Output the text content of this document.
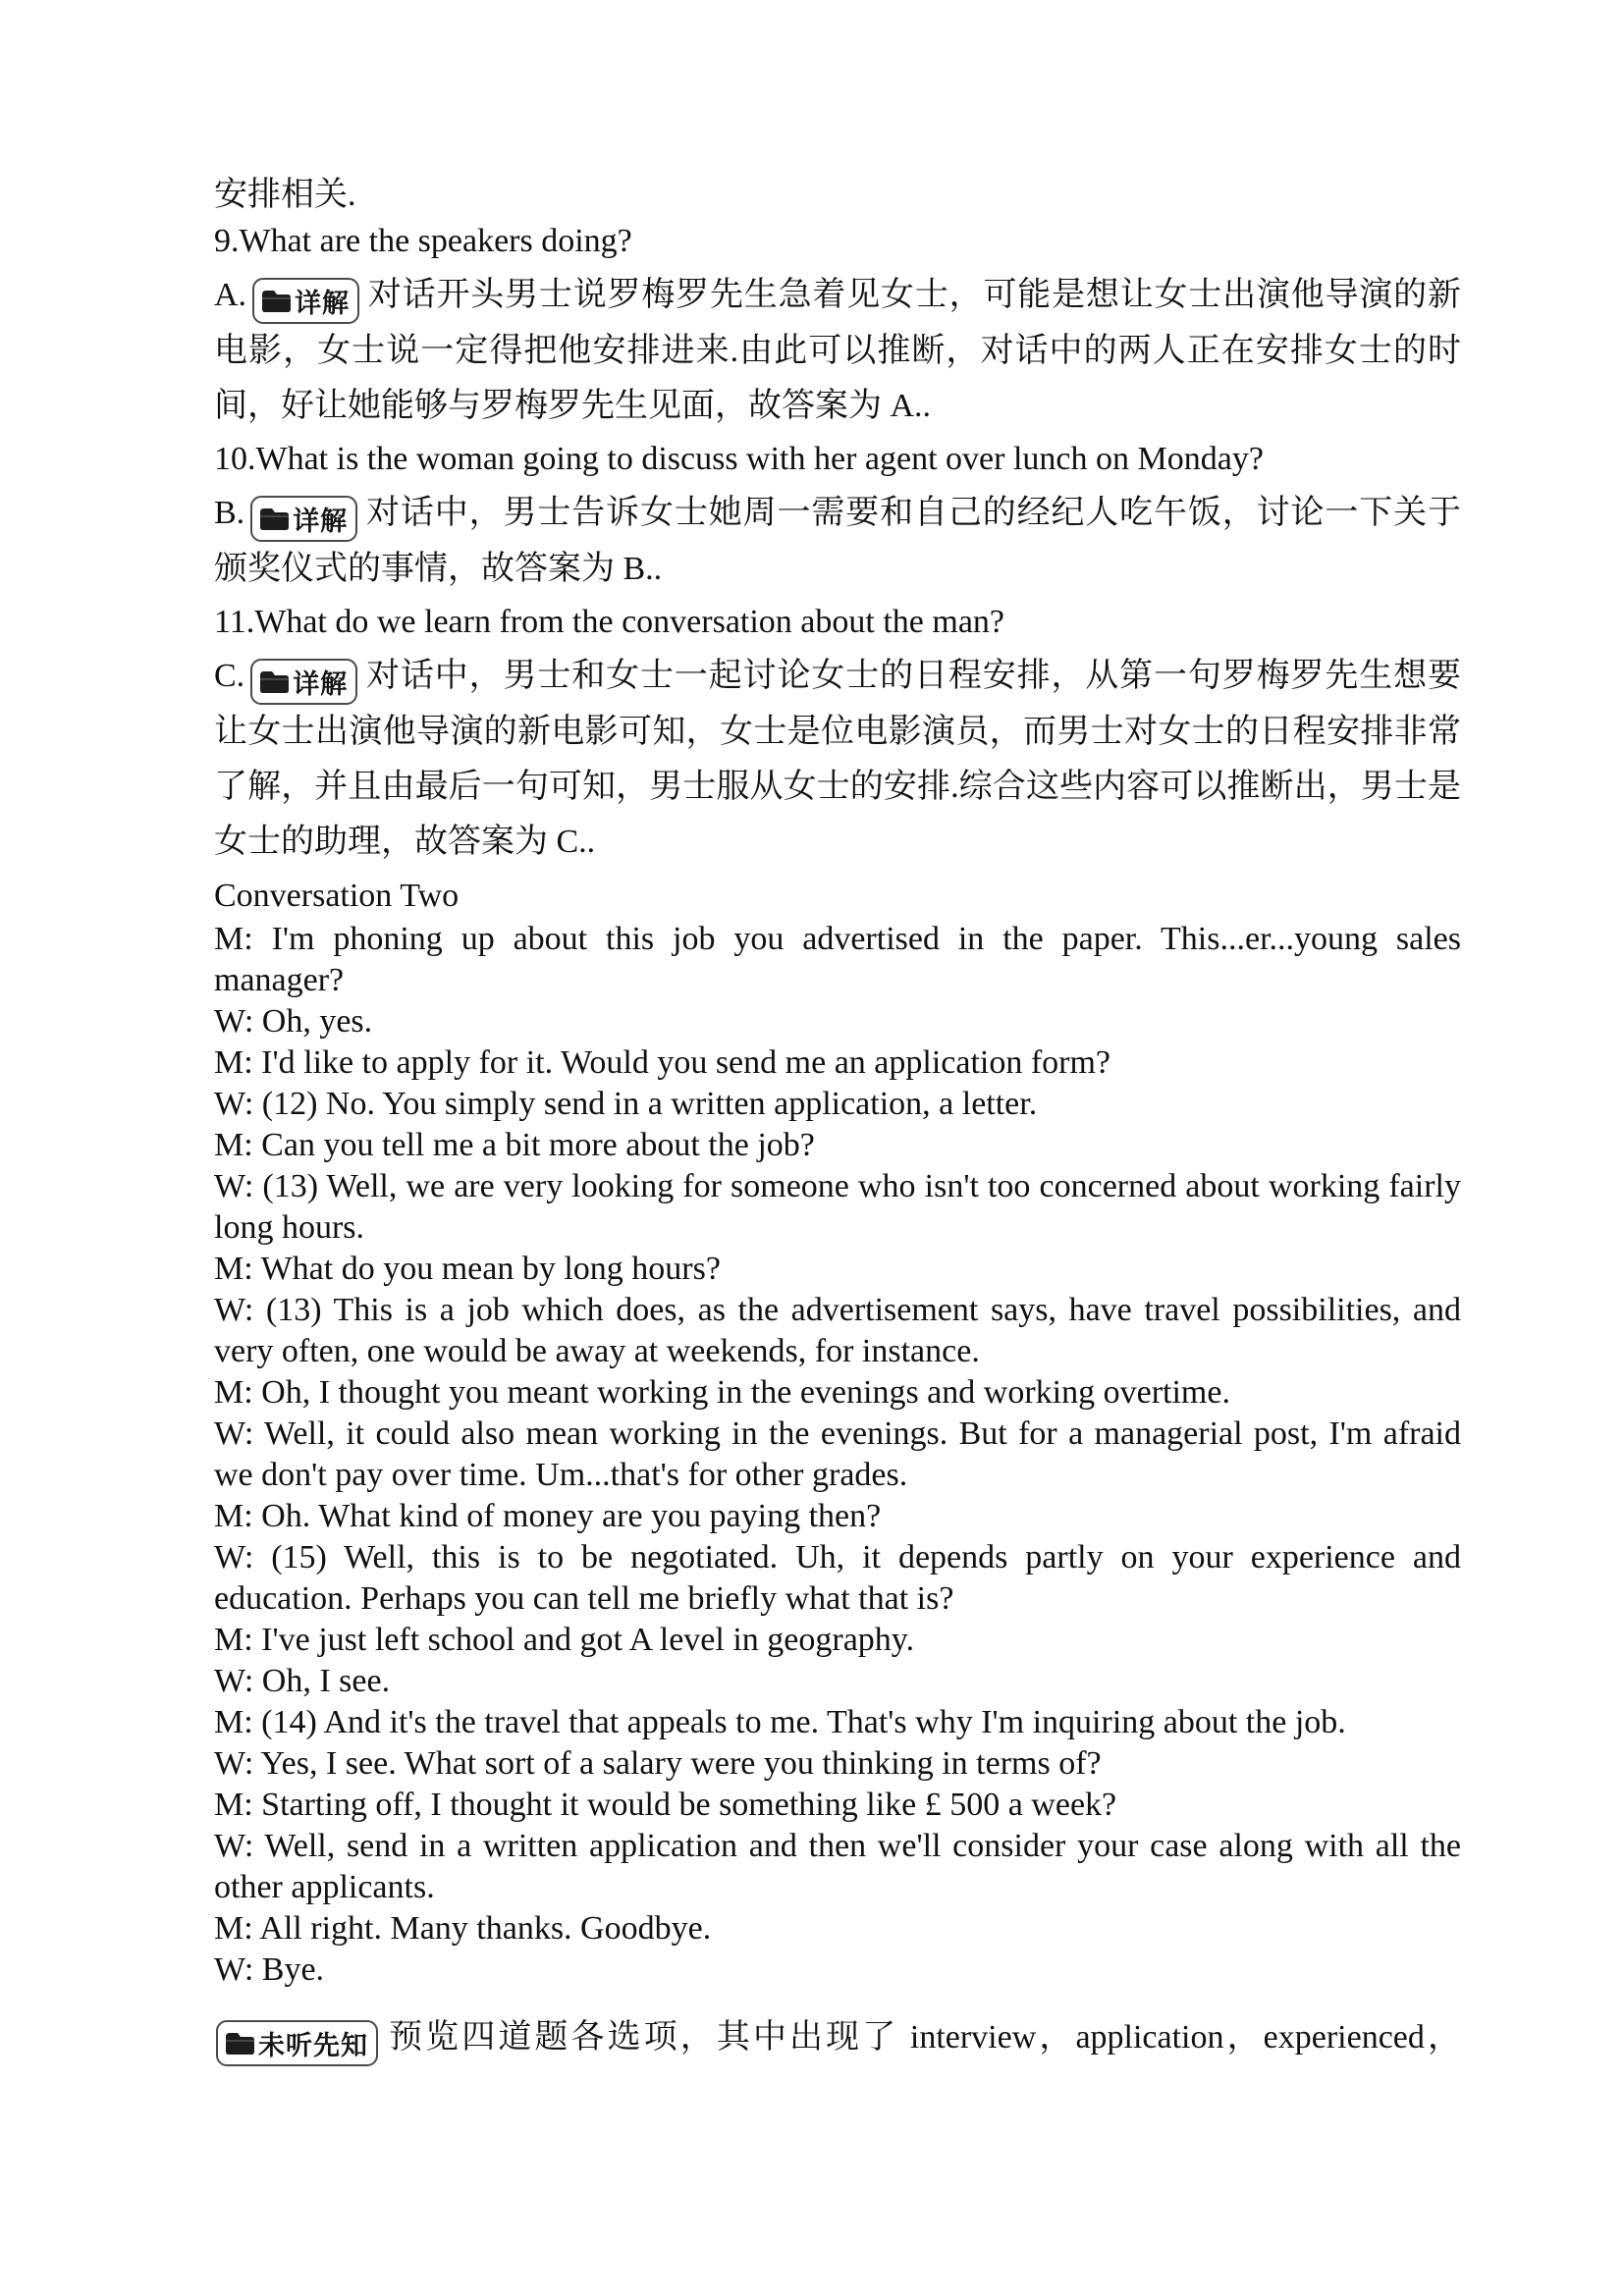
安排相关.

9.What are the speakers doing?

A. 详解 对话开头男士说罗梅罗先生急着见女士，可能是想让女士出演他导演的新电影，女士说一定得把他安排进来.由此可以推断，对话中的两人正在安排女士的时间，好让她能够与罗梅罗先生见面，故答案为 A..

10.What is the woman going to discuss with her agent over lunch on Monday?

B. 详解 对话中，男士告诉女士她周一需要和自己的经纪人吃午饭，讨论一下关于颁奖仪式的事情，故答案为 B..

11.What do we learn from the conversation about the man?

C. 详解 对话中，男士和女士一起讨论女士的日程安排，从第一句罗梅罗先生想要让女士出演他导演的新电影可知，女士是位电影演员，而男士对女士的日程安排非常了解，并且由最后一句可知，男士服从女士的安排.综合这些内容可以推断出，男士是女士的助理，故答案为 C..

Conversation Two

M: I'm phoning up about this job you advertised in the paper. This...er...young sales manager?

W: Oh, yes.

M: I'd like to apply for it. Would you send me an application form?

W: (12) No. You simply send in a written application, a letter.

M: Can you tell me a bit more about the job?

W: (13) Well, we are very looking for someone who isn't too concerned about working fairly long hours.

M: What do you mean by long hours?

W: (13) This is a job which does, as the advertisement says, have travel possibilities, and very often, one would be away at weekends, for instance.

M: Oh, I thought you meant working in the evenings and working overtime.

W: Well, it could also mean working in the evenings. But for a managerial post, I'm afraid we don't pay over time. Um...that's for other grades.

M: Oh. What kind of money are you paying then?

W: (15) Well, this is to be negotiated. Uh, it depends partly on your experience and education. Perhaps you can tell me briefly what that is?

M: I've just left school and got A level in geography.

W: Oh, I see.

M: (14) And it's the travel that appeals to me. That's why I'm inquiring about the job.

W: Yes, I see. What sort of a salary were you thinking in terms of?

M: Starting off, I thought it would be something like £ 500 a week?

W: Well, send in a written application and then we'll consider your case along with all the other applicants.

M: All right. Many thanks. Goodbye.

W: Bye.

未听先知 预览四道题各选项，其中出现了 interview，application，experienced，
